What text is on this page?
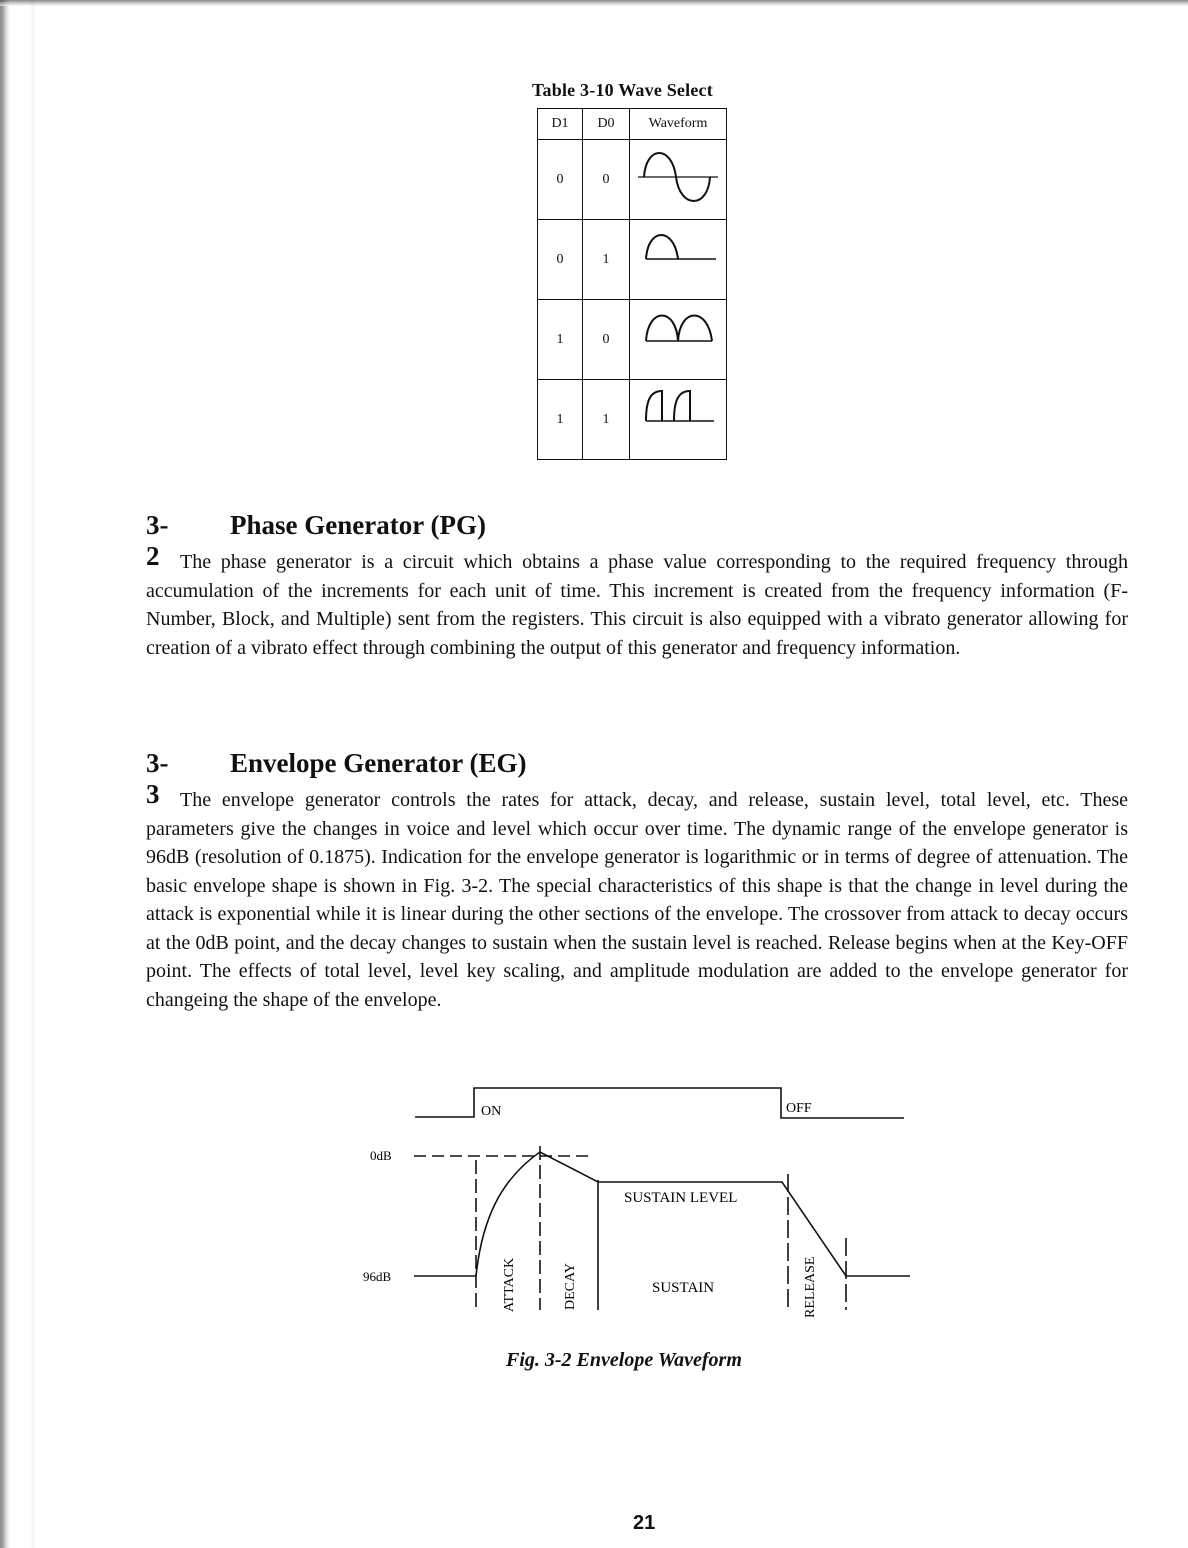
Table 3-10 Wave Select
D1	D0	Waveform
0	0	
0	1	
1	0	
1	1	
3-2
Phase Generator (PG)

The phase generator is a circuit which obtains a phase value corresponding to the required frequency through accumulation of the increments for each unit of time. This increment is created from the frequency information (F-Number, Block, and Multiple) sent from the registers. This circuit is also equipped with a vibrato generator allowing for creation of a vibrato effect through combining the output of this generator and frequency information.

3-3
Envelope Generator (EG)

The envelope generator controls the rates for attack, decay, and release, sustain level, total level, etc. These parameters give the changes in voice and level which occur over time. The dynamic range of the envelope generator is 96dB (resolution of 0.1875). Indication for the envelope generator is logarithmic or in terms of degree of attenuation. The basic envelope shape is shown in Fig. 3-2. The special characteristics of this shape is that the change in level during the attack is exponential while it is linear during the other sections of the envelope. The crossover from attack to decay occurs at the 0dB point, and the decay changes to sustain when the sustain level is reached. Release begins when at the Key-OFF point. The effects of total level, level key scaling, and amplitude modulation are added to the envelope generator for changeing the shape of the envelope.

ON	OFF
0dB
96dB
SUSTAIN LEVEL
SUSTAIN
ATTACK	DECAY	RELEASE
Fig. 3-2 Envelope Waveform
21
